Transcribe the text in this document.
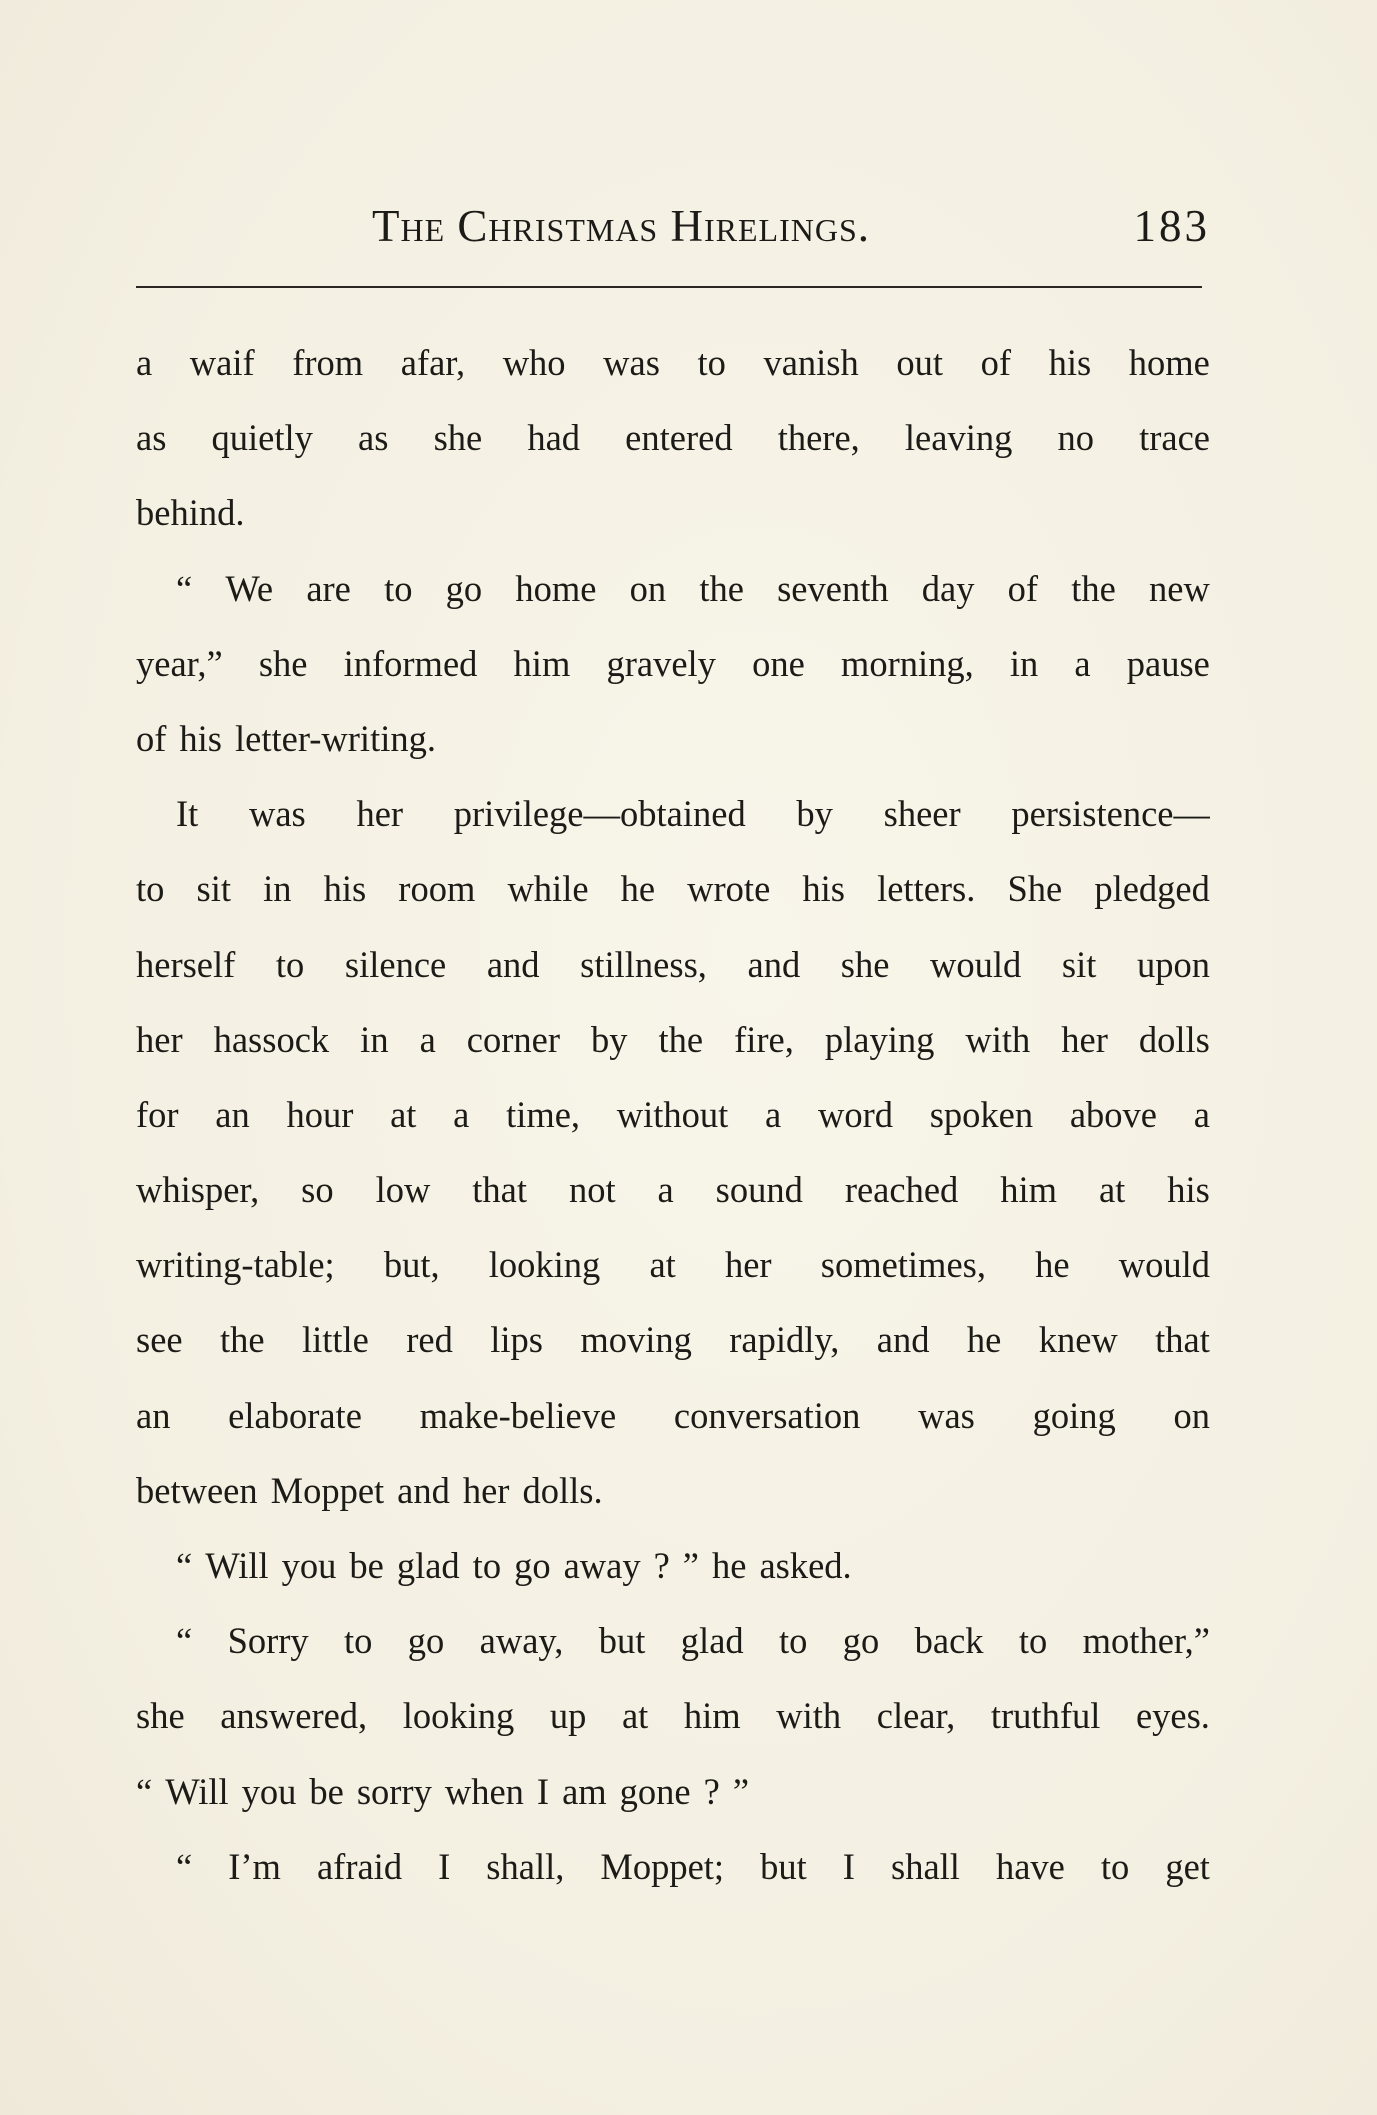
The Christmas Hirelings.	183
a waif from afar, who was to vanish out of his home
as quietly as she had entered there, leaving no trace
behind.
“ We are to go home on the seventh day of the new
year,” she informed him gravely one morning, in a pause
of his letter-writing.
It was her privilege—obtained by sheer persistence—
to sit in his room while he wrote his letters. She pledged
herself to silence and stillness, and she would sit upon
her hassock in a corner by the fire, playing with her dolls
for an hour at a time, without a word spoken above a
whisper, so low that not a sound reached him at his
writing-table; but, looking at her sometimes, he would
see the little red lips moving rapidly, and he knew that
an elaborate make-believe conversation was going on
between Moppet and her dolls.
“ Will you be glad to go away ? ” he asked.
“ Sorry to go away, but glad to go back to mother,”
she answered, looking up at him with clear, truthful eyes.
“ Will you be sorry when I am gone ? ”
“ I’m afraid I shall, Moppet; but I shall have to get
